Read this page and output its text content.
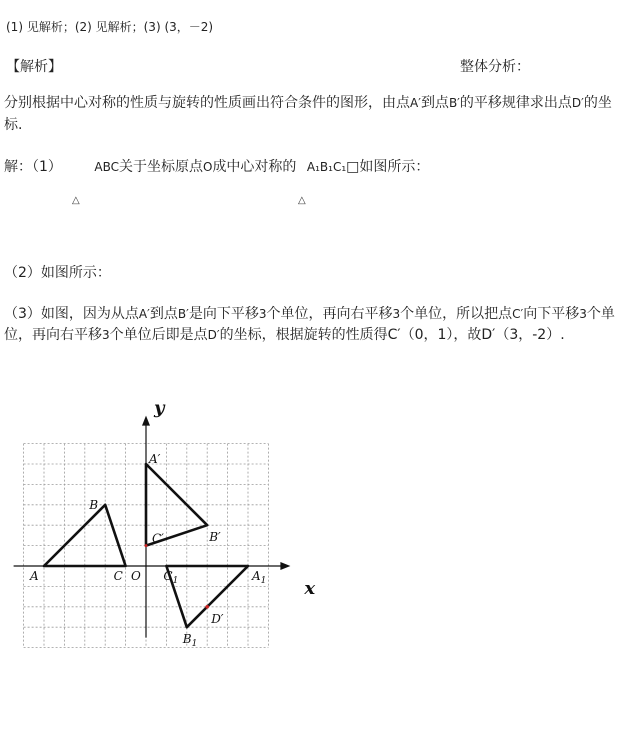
(1) 见解析；(2) 见解析；(3) (3，－2)
【解析】	整体分析：
分别根据中心对称的性质与旋转的性质画出符合条件的图形，由点A′到点B′的平移规律求出点D′的坐标.
解：（1）	ABC关于坐标原点O成中心对称的 A₁B₁C₁□如图所示：
△	△
（2）如图所示：
（3）如图，因为从点A′到点B′是向下平移3个单位，再向右平移3个单位，所以把点C′向下平移3个单位，再向右平移3个单位后即是点D′的坐标，根据旋转的性质得C′（0，1），故D′（3，-2）.
x
y
A
B
C O $C_1$	$A_1$
$B_1$
A′
B′
C′
D′
